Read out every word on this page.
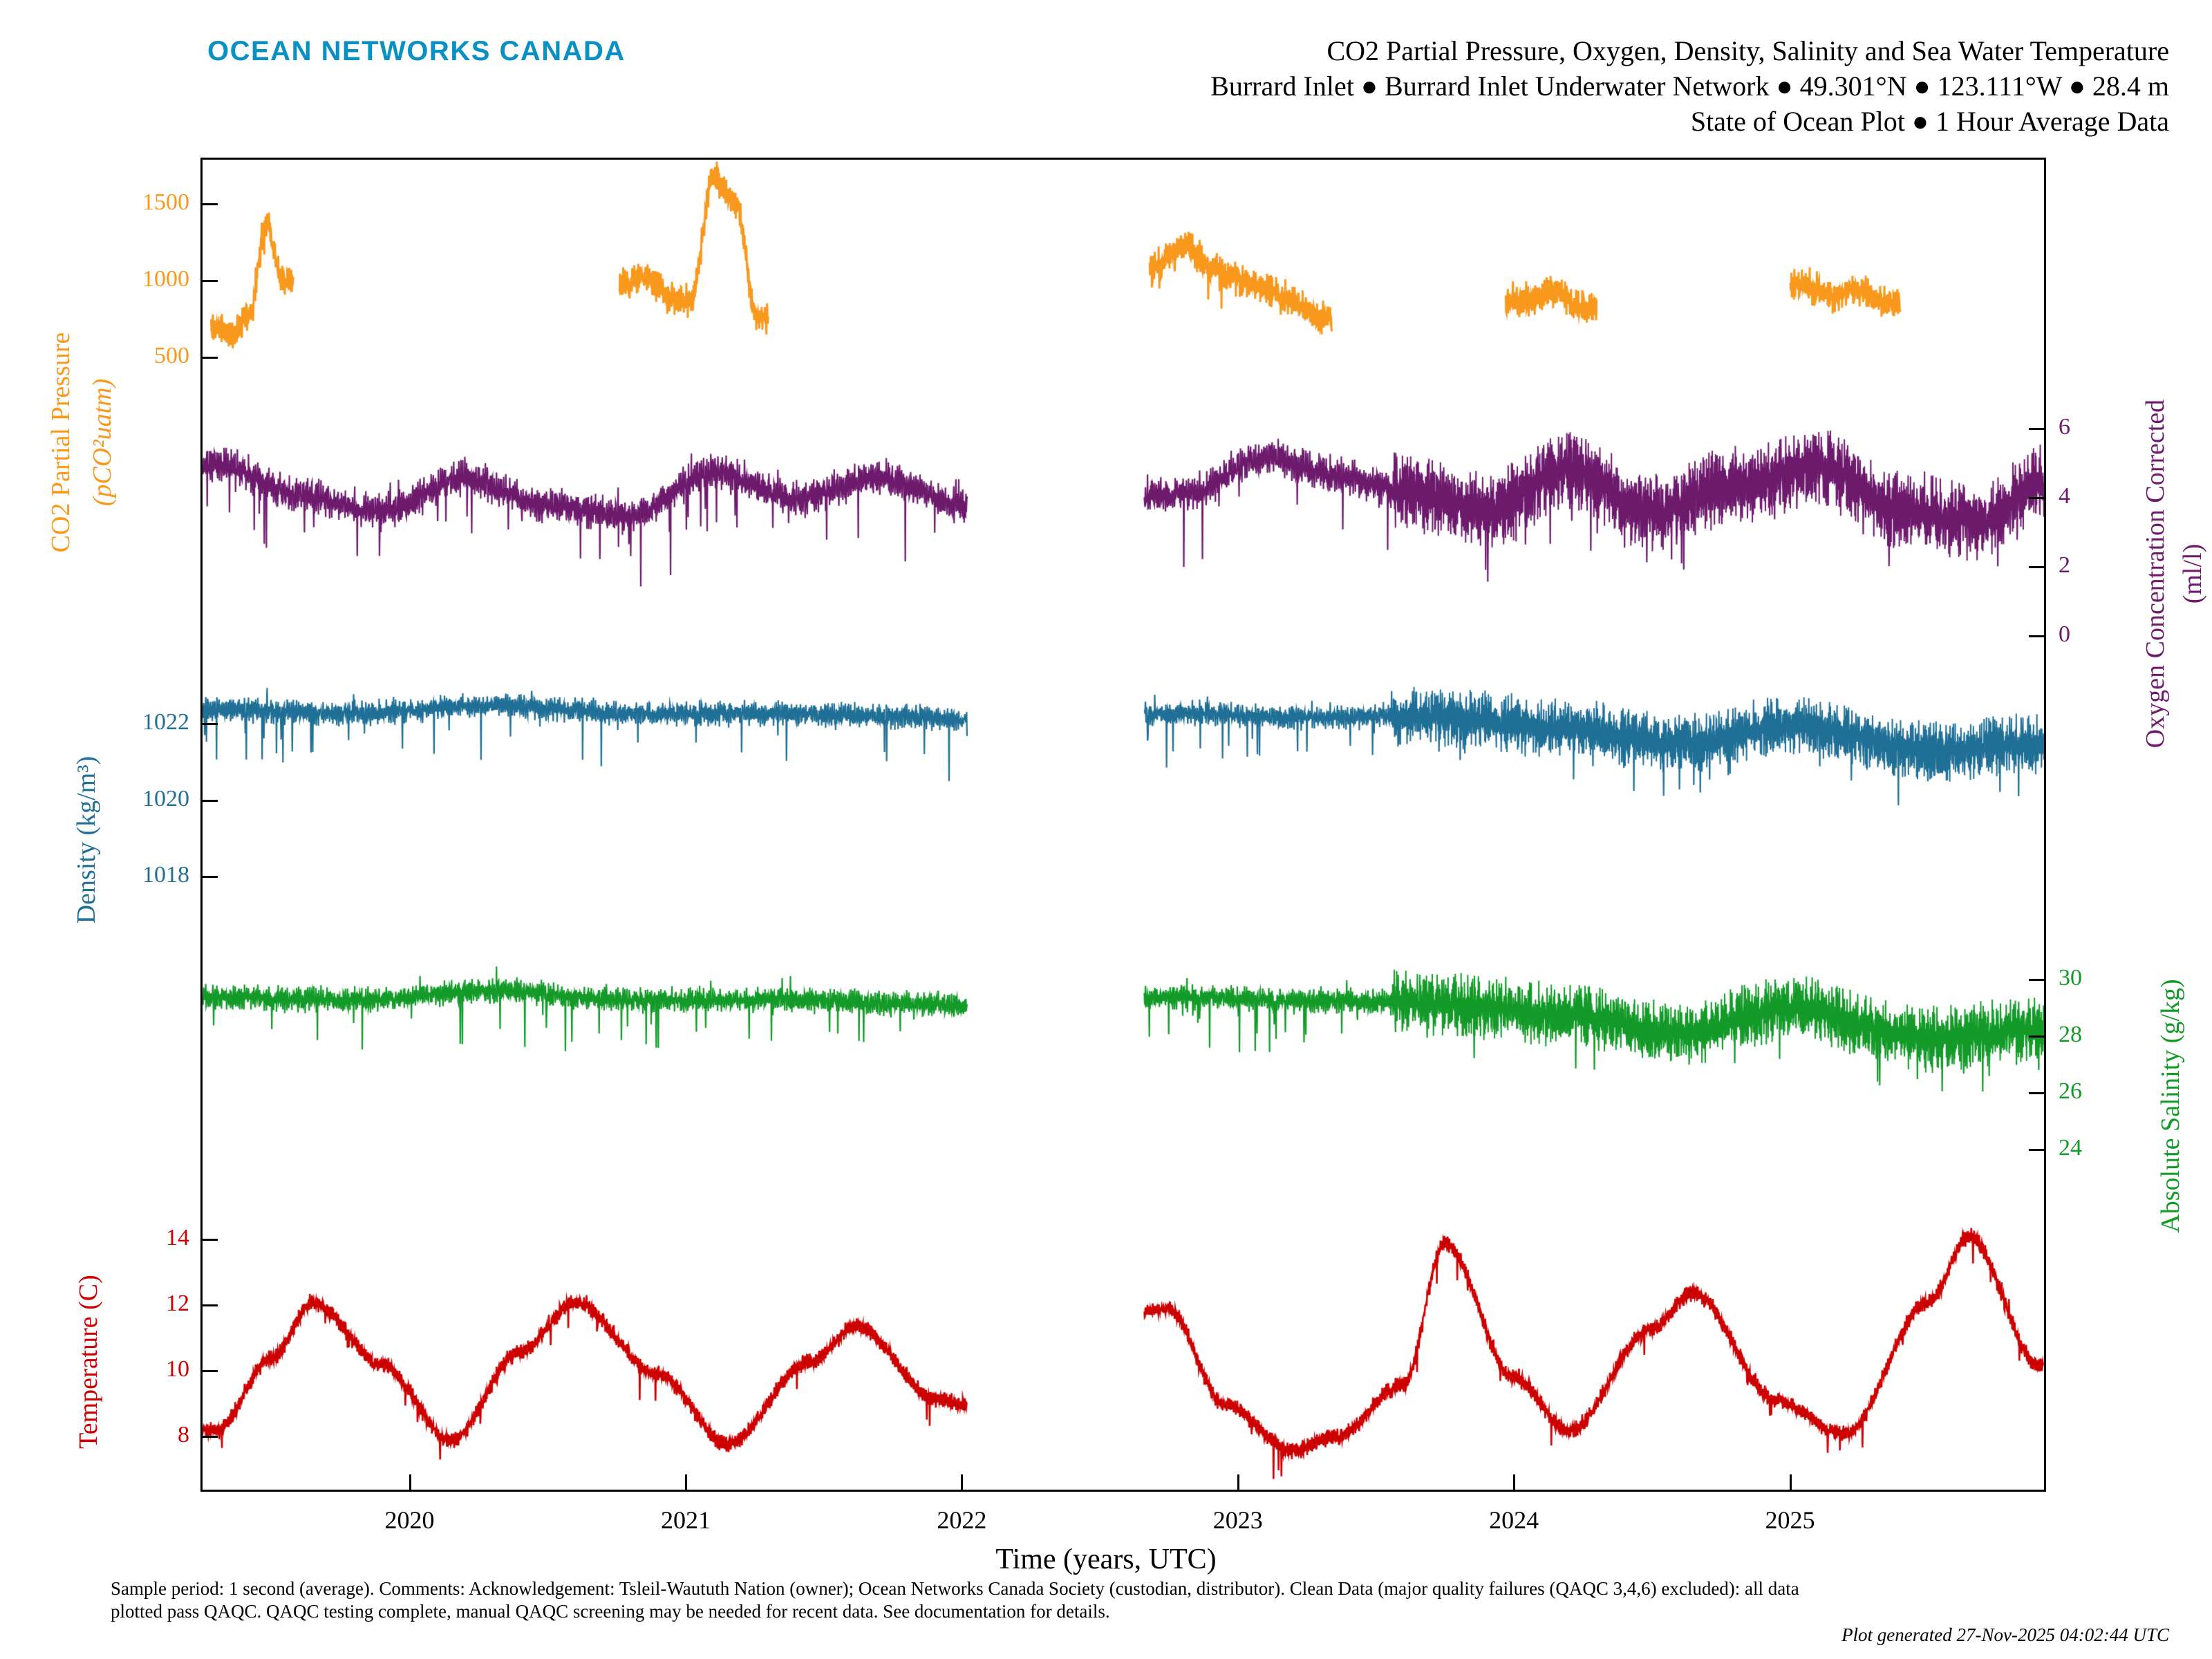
OCEAN NETWORKS CANADA	CO2 Partial Pressure, Oxygen, Density, Salinity and Sea Water Temperature
Burrard Inlet ● Burrard Inlet Underwater Network ● 49.301°N ● 123.111°W ● 28.4 m
State of Ocean Plot ● 1 Hour Average Data
CO2 Partial Pressure (pCO²uatm)
Density (kg/m³)
Temperature (C)
Oxygen Concentration Corrected (ml/l)
Absolute Salinity (g/kg)
500
1000
1500
0
2
4
6
1018
1020
1022
24
26
28
30
8
10
12
14
2020	2021	2022	2023	2024	2025
Time (years, UTC)
Sample period: 1 second (average). Comments: Acknowledgement: Tsleil-Waututh Nation (owner); Ocean Networks Canada Society (custodian, distributor). Clean Data (major quality failures (QAQC 3,4,6) excluded): all data plotted pass QAQC. QAQC testing complete, manual QAQC screening may be needed for recent data. See documentation for details.
Plot generated 27-Nov-2025 04:02:44 UTC
